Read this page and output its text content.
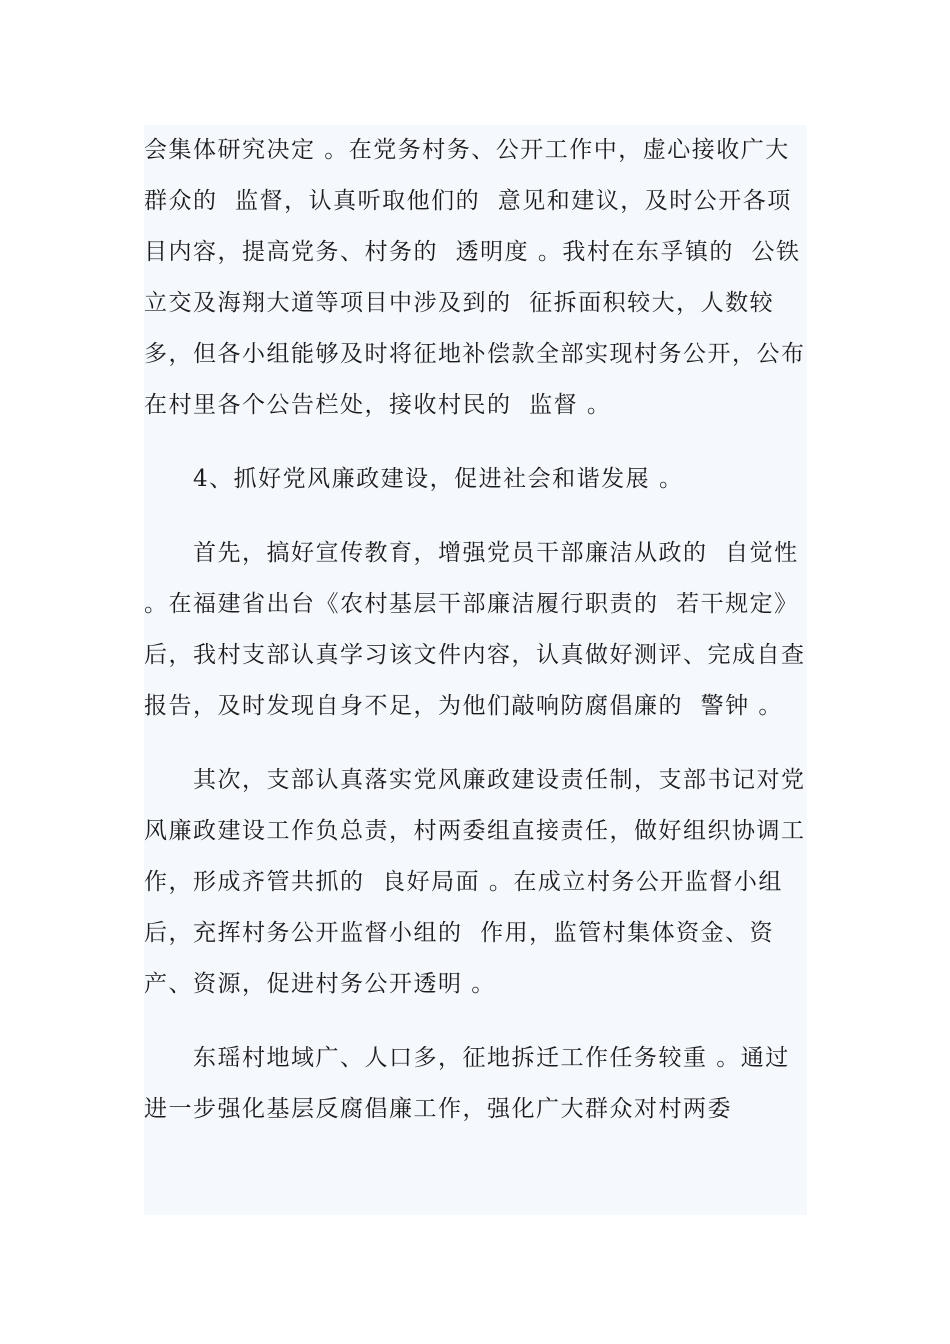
会集体研究决定 。在党务村务、公开工作中，虚心接收广大群众的  监督，认真听取他们的  意见和建议，及时公开各项目内容，提高党务、村务的  透明度 。我村在东孚镇的  公铁立交及海翔大道等项目中涉及到的  征拆面积较大，人数较多，但各小组能够及时将征地补偿款全部实现村务公开，公布在村里各个公告栏处，接收村民的  监督 。

4、抓好党风廉政建设，促进社会和谐发展 。

首先，搞好宣传教育，增强党员干部廉洁从政的  自觉性 。在福建省出台《农村基层干部廉洁履行职责的  若干规定》后，我村支部认真学习该文件内容，认真做好测评、完成自查报告，及时发现自身不足，为他们敲响防腐倡廉的  警钟 。

其次，支部认真落实党风廉政建设责任制，支部书记对党风廉政建设工作负总责，村两委组直接责任，做好组织协调工作，形成齐管共抓的  良好局面 。在成立村务公开监督小组后，充挥村务公开监督小组的  作用，监管村集体资金、资产、资源，促进村务公开透明 。

东瑶村地域广、人口多，征地拆迁工作任务较重 。通过进一步强化基层反腐倡廉工作，强化广大群众对村两委
